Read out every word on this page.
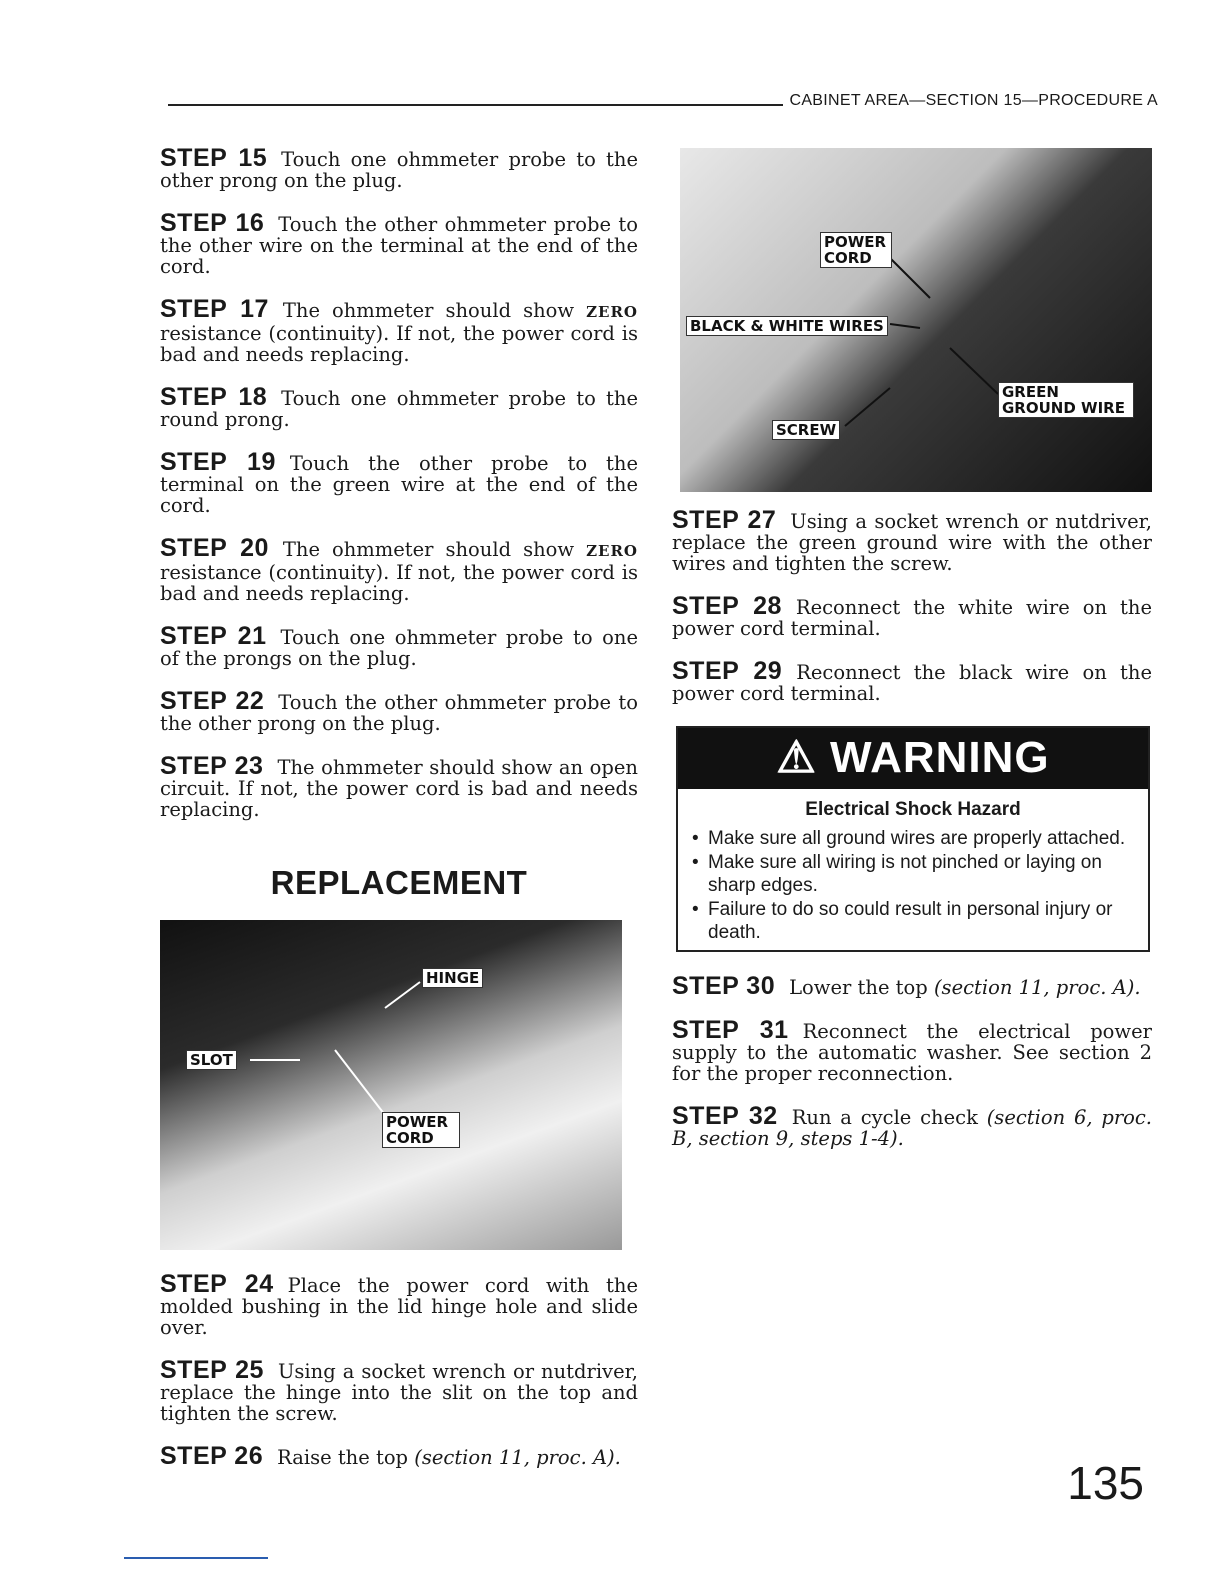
CABINET AREA—SECTION 15—PROCEDURE A
STEP 15 Touch one ohmmeter probe to the other prong on the plug.
STEP 16 Touch the other ohmmeter probe to the other wire on the terminal at the end of the cord.
STEP 17 The ohmmeter should show ZERO resistance (continuity). If not, the power cord is bad and needs replacing.
STEP 18 Touch one ohmmeter probe to the round prong.
STEP 19 Touch the other probe to the terminal on the green wire at the end of the cord.
STEP 20 The ohmmeter should show ZERO resistance (continuity). If not, the power cord is bad and needs replacing.
STEP 21 Touch one ohmmeter probe to one of the prongs on the plug.
STEP 22 Touch the other ohmmeter probe to the other prong on the plug.
STEP 23 The ohmmeter should show an open circuit. If not, the power cord is bad and needs replacing.
REPLACEMENT
HINGE
SLOT
POWER CORD
STEP 24 Place the power cord with the molded bushing in the lid hinge hole and slide over.
STEP 25 Using a socket wrench or nutdriver, replace the hinge into the slit on the top and tighten the screw.
STEP 26 Raise the top (section 11, proc. A).
POWER CORD
BLACK & WHITE WIRES
GREEN GROUND WIRE
SCREW
STEP 27 Using a socket wrench or nutdriver, replace the green ground wire with the other wires and tighten the screw.
STEP 28 Reconnect the white wire on the power cord terminal.
STEP 29 Reconnect the black wire on the power cord terminal.
⚠ WARNING
Electrical Shock Hazard
• Make sure all ground wires are properly attached.
• Make sure all wiring is not pinched or laying on sharp edges.
• Failure to do so could result in personal injury or death.
STEP 30 Lower the top (section 11, proc. A).
STEP 31 Reconnect the electrical power supply to the automatic washer. See section 2 for the proper reconnection.
STEP 32 Run a cycle check (section 6, proc. B, section 9, steps 1-4).
135
